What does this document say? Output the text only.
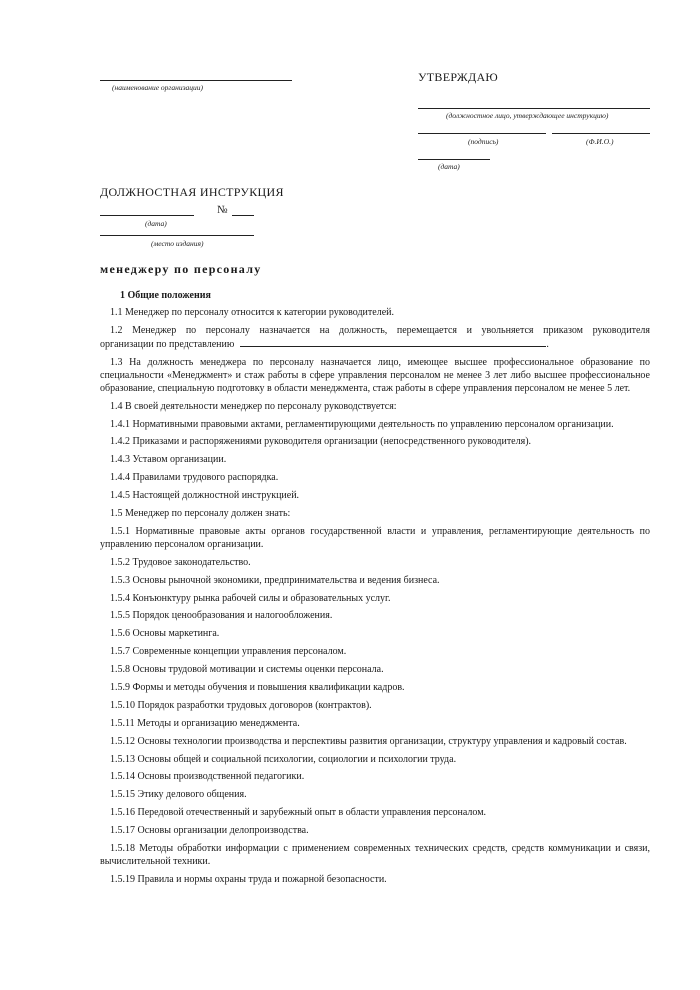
(наименование организации)
УТВЕРЖДАЮ
(должностное лицо, утверждающее инструкцию)
(подпись)	(Ф.И.О.)
(дата)
ДОЛЖНОСТНАЯ ИНСТРУКЦИЯ
(дата)
№
(место издания)
менеджеру по персоналу

1 Общие положения

1.1 Менеджер по персоналу относится к категории руководителей.

1.2 Менеджер по персоналу назначается на должность, перемещается и увольняется приказом руководителя

организации по представлению	.

1.3 На должность менеджера по персоналу назначается лицо, имеющее высшее профессиональное образование по специальности «Менеджмент» и стаж работы в сфере управления персоналом не менее 3 лет либо высшее профессиональное образование, специальную подготовку в области менеджмента, стаж работы в сфере управления персоналом не менее 5 лет.

1.4 В своей деятельности менеджер по персоналу руководствуется:

1.4.1 Нормативными правовыми актами, регламентирующими деятельность по управлению персоналом организации.

1.4.2 Приказами и распоряжениями руководителя организации (непосредственного руководителя).

1.4.3 Уставом организации.

1.4.4 Правилами трудового распорядка.

1.4.5 Настоящей должностной инструкцией.

1.5 Менеджер по персоналу должен знать:

1.5.1 Нормативные правовые акты органов государственной власти и управления, регламентирующие деятельность по управлению персоналом организации.

1.5.2 Трудовое законодательство.

1.5.3 Основы рыночной экономики, предпринимательства и ведения бизнеса.

1.5.4 Конъюнктуру рынка рабочей силы и образовательных услуг.

1.5.5 Порядок ценообразования и налогообложения.

1.5.6 Основы маркетинга.

1.5.7 Современные концепции управления персоналом.

1.5.8 Основы трудовой мотивации и системы оценки персонала.

1.5.9 Формы и методы обучения и повышения квалификации кадров.

1.5.10 Порядок разработки трудовых договоров (контрактов).

1.5.11 Методы и организацию менеджмента.

1.5.12 Основы технологии производства и перспективы развития организации, структуру управления и кадровый состав.

1.5.13 Основы общей и социальной психологии, социологии и психологии труда.

1.5.14 Основы производственной педагогики.

1.5.15 Этику делового общения.

1.5.16 Передовой отечественный и зарубежный опыт в области управления персоналом.

1.5.17 Основы организации делопроизводства.

1.5.18 Методы обработки информации с применением современных технических средств, средств коммуникации и связи, вычислительной техники.

1.5.19 Правила и нормы охраны труда и пожарной безопасности.
